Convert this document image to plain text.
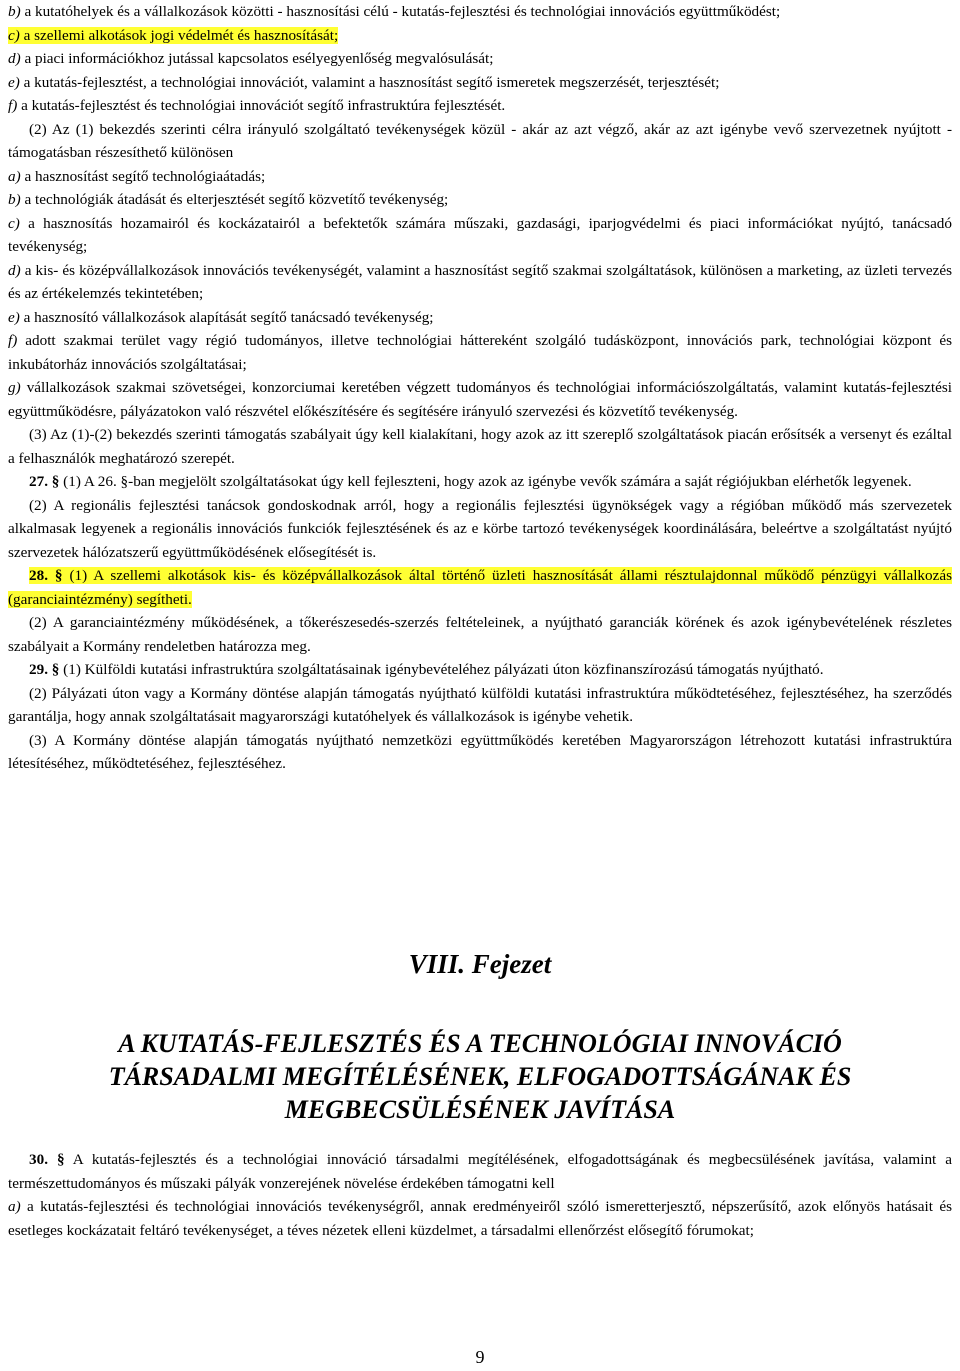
b) a kutatóhelyek és a vállalkozások közötti - hasznosítási célú - kutatás-fejlesztési és technológiai innovációs együttműködést;

c) a szellemi alkotások jogi védelmét és hasznosítását;

d) a piaci információkhoz jutással kapcsolatos esélyegyenlőség megvalósulását;

e) a kutatás-fejlesztést, a technológiai innovációt, valamint a hasznosítást segítő ismeretek megszerzését, terjesztését;

f) a kutatás-fejlesztést és technológiai innovációt segítő infrastruktúra fejlesztését.

(2) Az (1) bekezdés szerinti célra irányuló szolgáltató tevékenységek közül - akár az azt végző, akár az azt igénybe vevő szervezetnek nyújtott - támogatásban részesíthető különösen

a) a hasznosítást segítő technológiaátadás;

b) a technológiák átadását és elterjesztését segítő közvetítő tevékenység;

c) a hasznosítás hozamairól és kockázatairól a befektetők számára műszaki, gazdasági, iparjogvédelmi és piaci információkat nyújtó, tanácsadó tevékenység;

d) a kis- és középvállalkozások innovációs tevékenységét, valamint a hasznosítást segítő szakmai szolgáltatások, különösen a marketing, az üzleti tervezés és az értékelemzés tekintetében;

e) a hasznosító vállalkozások alapítását segítő tanácsadó tevékenység;

f) adott szakmai terület vagy régió tudományos, illetve technológiai háttereként szolgáló tudásközpont, innovációs park, technológiai központ és inkubátorház innovációs szolgáltatásai;

g) vállalkozások szakmai szövetségei, konzorciumai keretében végzett tudományos és technológiai információszolgáltatás, valamint kutatás-fejlesztési együttműködésre, pályázatokon való részvétel előkészítésére és segítésére irányuló szervezési és közvetítő tevékenység.

(3) Az (1)-(2) bekezdés szerinti támogatás szabályait úgy kell kialakítani, hogy azok az itt szereplő szolgáltatások piacán erősítsék a versenyt és ezáltal a felhasználók meghatározó szerepét.

27. § (1) A 26. §-ban megjelölt szolgáltatásokat úgy kell fejleszteni, hogy azok az igénybe vevők számára a saját régiójukban elérhetők legyenek.

(2) A regionális fejlesztési tanácsok gondoskodnak arról, hogy a regionális fejlesztési ügynökségek vagy a régióban működő más szervezetek alkalmasak legyenek a regionális innovációs funkciók fejlesztésének és az e körbe tartozó tevékenységek koordinálására, beleértve a szolgáltatást nyújtó szervezetek hálózatszerű együttműködésének elősegítését is.

28. § (1) A szellemi alkotások kis- és középvállalkozások által történő üzleti hasznosítását állami résztulajdonnal működő pénzügyi vállalkozás (garanciaintézmény) segítheti.

(2) A garanciaintézmény működésének, a tőkerészesedés-szerzés feltételeinek, a nyújtható garanciák körének és azok igénybevételének részletes szabályait a Kormány rendeletben határozza meg.

29. § (1) Külföldi kutatási infrastruktúra szolgáltatásainak igénybevételéhez pályázati úton közfinanszírozású támogatás nyújtható.

(2) Pályázati úton vagy a Kormány döntése alapján támogatás nyújtható külföldi kutatási infrastruktúra működtetéséhez, fejlesztéséhez, ha szerződés garantálja, hogy annak szolgáltatásait magyarországi kutatóhelyek és vállalkozások is igénybe vehetik.

(3) A Kormány döntése alapján támogatás nyújtható nemzetközi együttműködés keretében Magyarországon létrehozott kutatási infrastruktúra létesítéséhez, működtetéséhez, fejlesztéséhez.

VIII. Fejezet
A KUTATÁS-FEJLESZTÉS ÉS A TECHNOLÓGIAI INNOVÁCIÓ
TÁRSADALMI MEGÍTÉLÉSÉNEK, ELFOGADOTTSÁGÁNAK ÉS
MEGBECSÜLÉSÉNEK JAVÍTÁSA

30. § A kutatás-fejlesztés és a technológiai innováció társadalmi megítélésének, elfogadottságának és megbecsülésének javítása, valamint a természettudományos és műszaki pályák vonzerejének növelése érdekében támogatni kell

a) a kutatás-fejlesztési és technológiai innovációs tevékenységről, annak eredményeiről szóló ismeretterjesztő, népszerűsítő, azok előnyös hatásait és esetleges kockázatait feltáró tevékenységet, a téves nézetek elleni küzdelmet, a társadalmi ellenőrzést elősegítő fórumokat;

9
